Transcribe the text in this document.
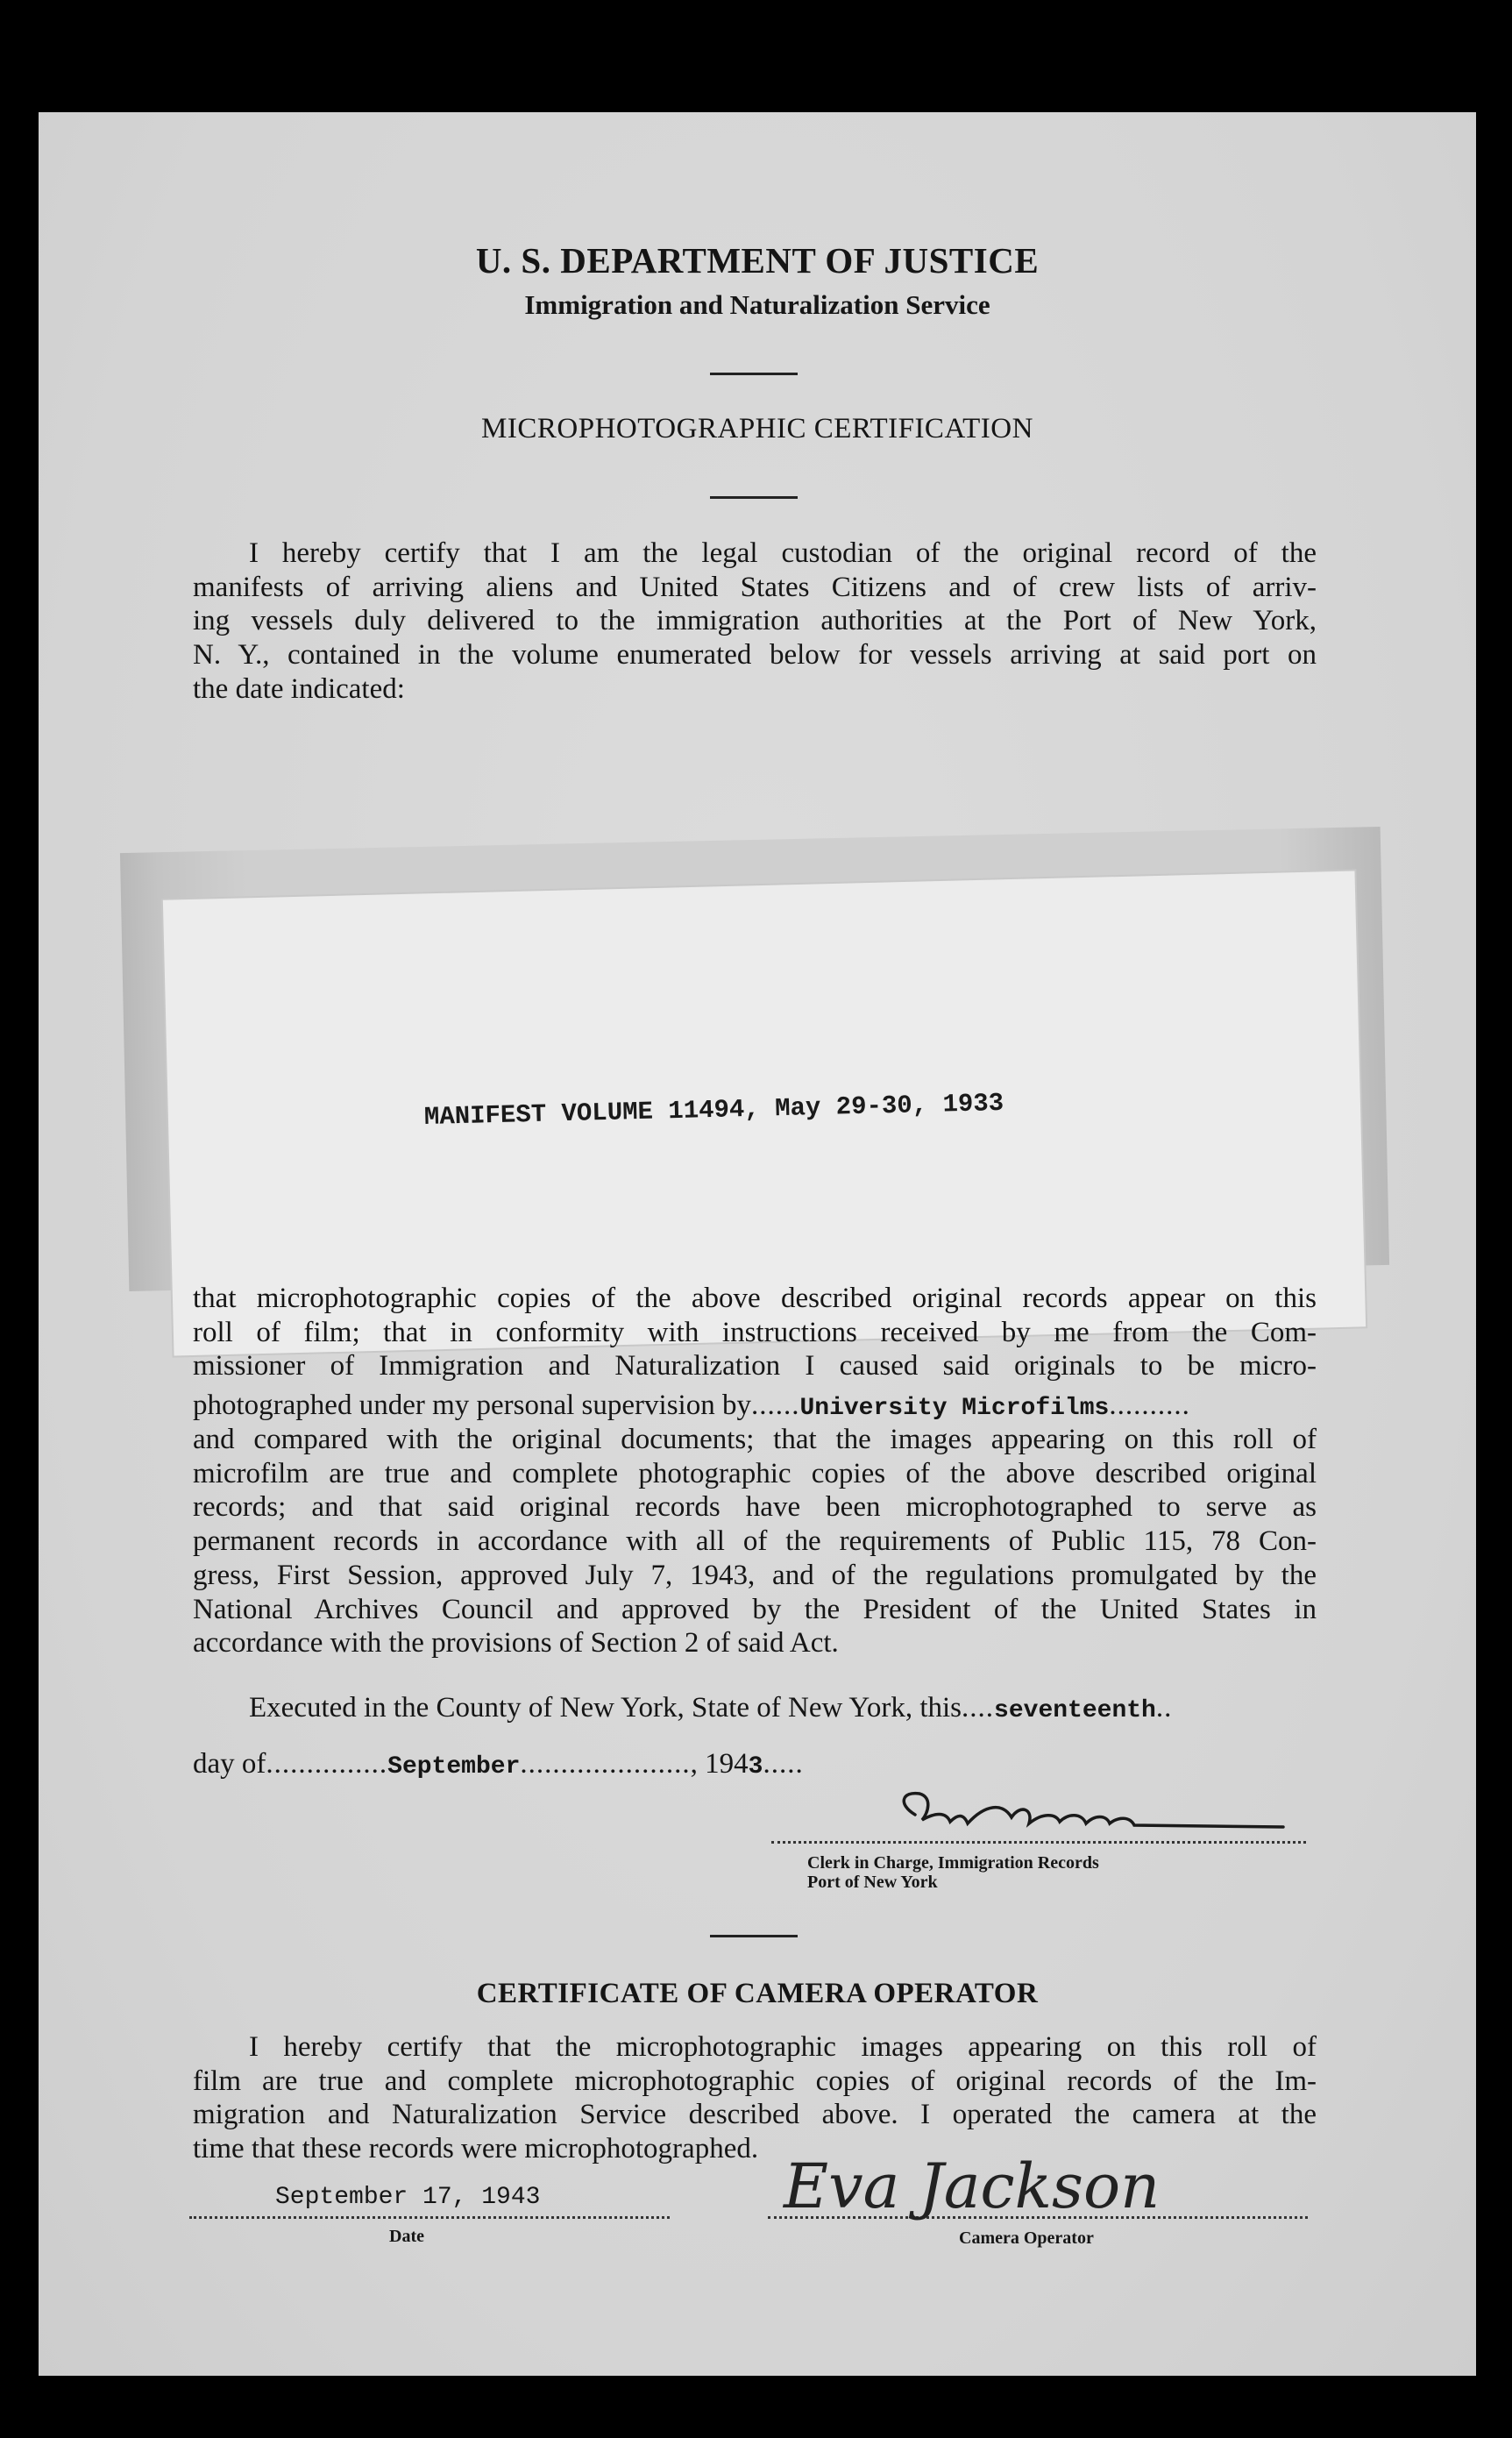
U. S. DEPARTMENT OF JUSTICE
Immigration and Naturalization Service
MICROPHOTOGRAPHIC CERTIFICATION
I hereby certify that I am the legal custodian of the original record of the
manifests of arriving aliens and United States Citizens and of crew lists of arriv-
ing vessels duly delivered to the immigration authorities at the Port of New York,
N. Y., contained in the volume enumerated below for vessels arriving at said port on
the date indicated:
MANIFEST VOLUME 11494, May 29-30, 1933
that microphotographic copies of the above described original records appear on this
roll of film; that in conformity with instructions received by me from the Com-
missioner of Immigration and Naturalization I caused said originals to be micro-
photographed under my personal supervision by......University Microfilms..........
and compared with the original documents; that the images appearing on this roll of
microfilm are true and complete photographic copies of the above described original
records; and that said original records have been microphotographed to serve as
permanent records in accordance with all of the requirements of Public 115, 78 Con-
gress, First Session, approved July 7, 1943, and of the regulations promulgated by the
National Archives Council and approved by the President of the United States in
accordance with the provisions of Section 2 of said Act.
Executed in the County of New York, State of New York, this....seventeenth..
day of...............September....................., 1943.....
Clerk in Charge, Immigration Records
Port of New York
CERTIFICATE OF CAMERA OPERATOR
I hereby certify that the microphotographic images appearing on this roll of
film are true and complete microphotographic copies of original records of the Im-
migration and Naturalization Service described above. I operated the camera at the
time that these records were microphotographed.
September 17, 1943
Date
Eva Jackson
Camera Operator
